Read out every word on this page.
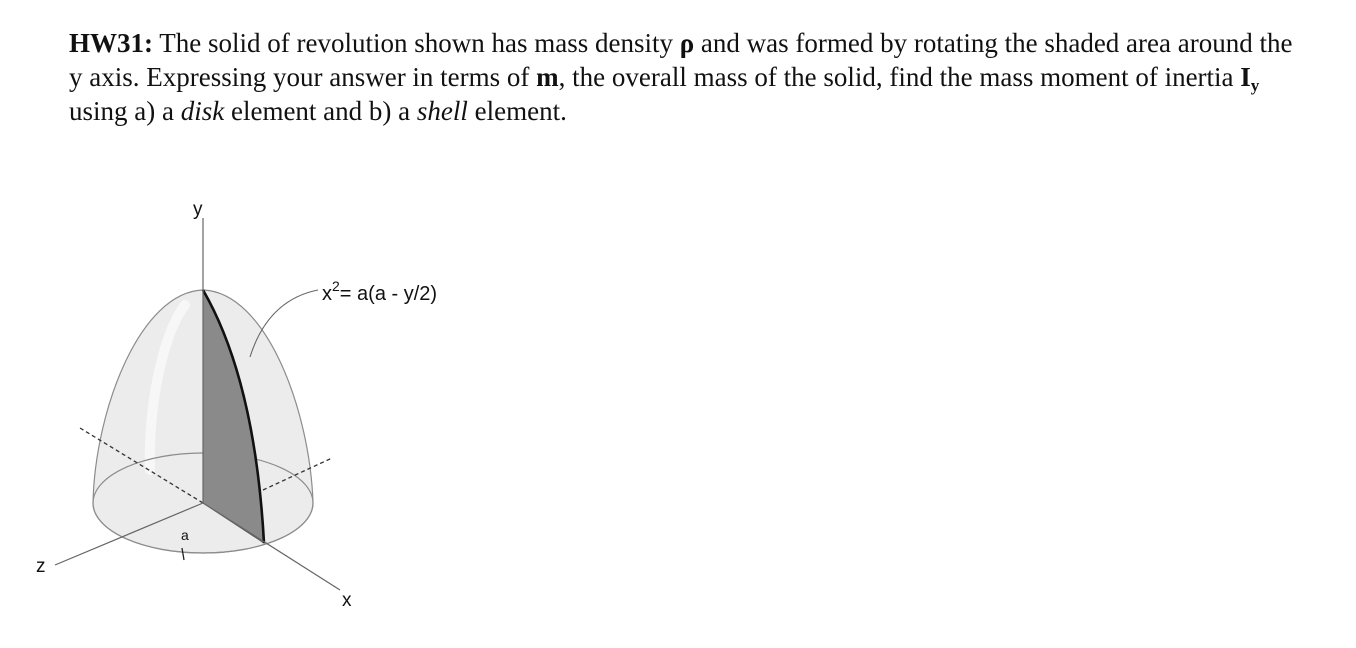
HW31: The solid of revolution shown has mass density ρ and was formed by rotating the shaded area around the y axis. Expressing your answer in terms of m, the overall mass of the solid, find the mass moment of inertia $I_y$ using a) a disk element and b) a shell element.
y
x
z
a
$x^2= a(a - y/2)$
